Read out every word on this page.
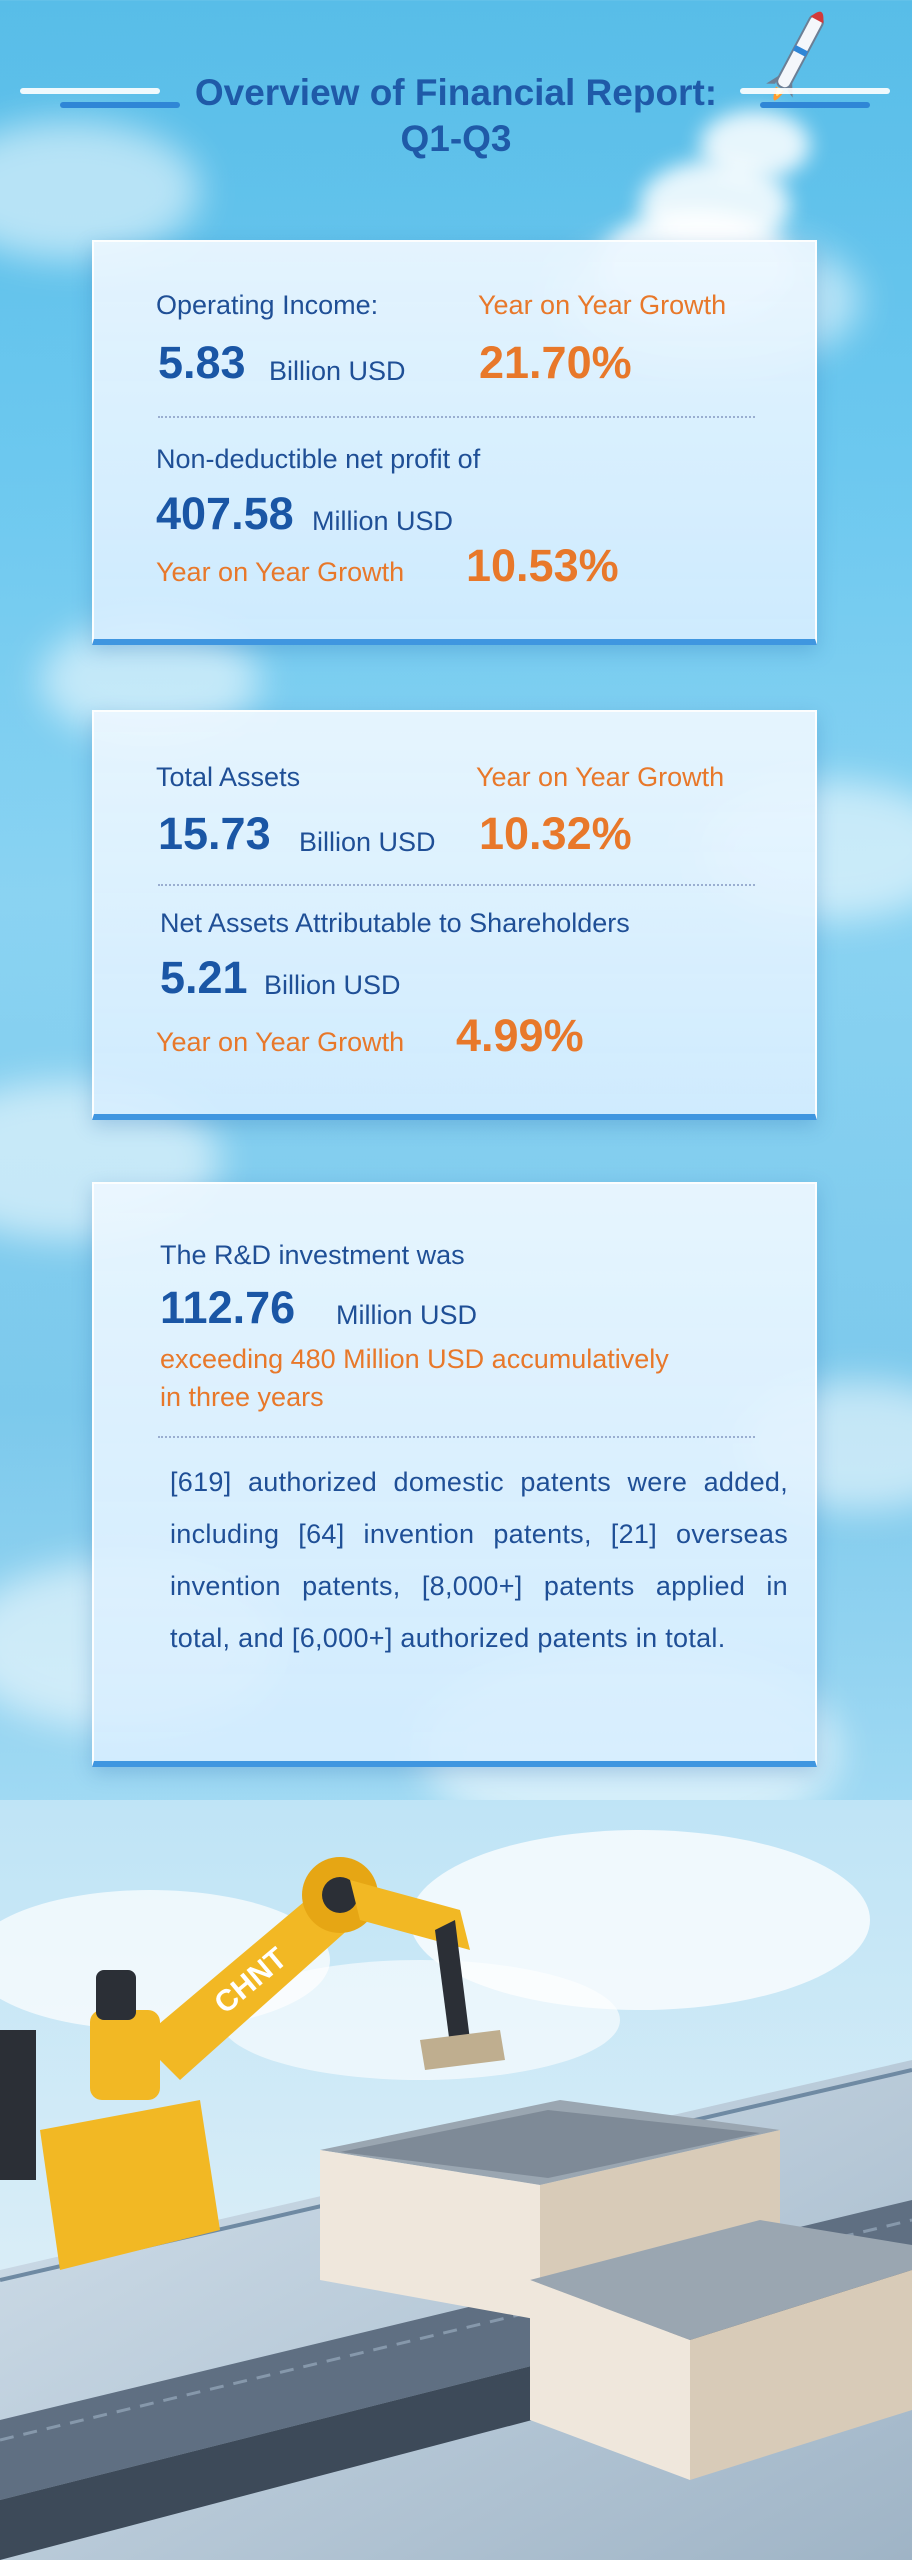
Overview of Financial Report:
Q1-Q3
Operating Income:	Year on Year Growth
5.83 Billion USD 21.70%
Non-deductible net profit of
407.58 Million USD
Year on Year Growth 10.53%
Total Assets	Year on Year Growth
15.73 Billion USD 10.32%
Net Assets Attributable to Shareholders
5.21 Billion USD
Year on Year Growth 4.99%
The R&D investment was
112.76 Million USD
exceeding 480 Million USD accumulatively
in three years
[619] authorized domestic patents were added, including [64] invention patents, [21] overseas invention patents, [8,000+] patents applied in total, and [6,000+] authorized patents in total.
CHNT
